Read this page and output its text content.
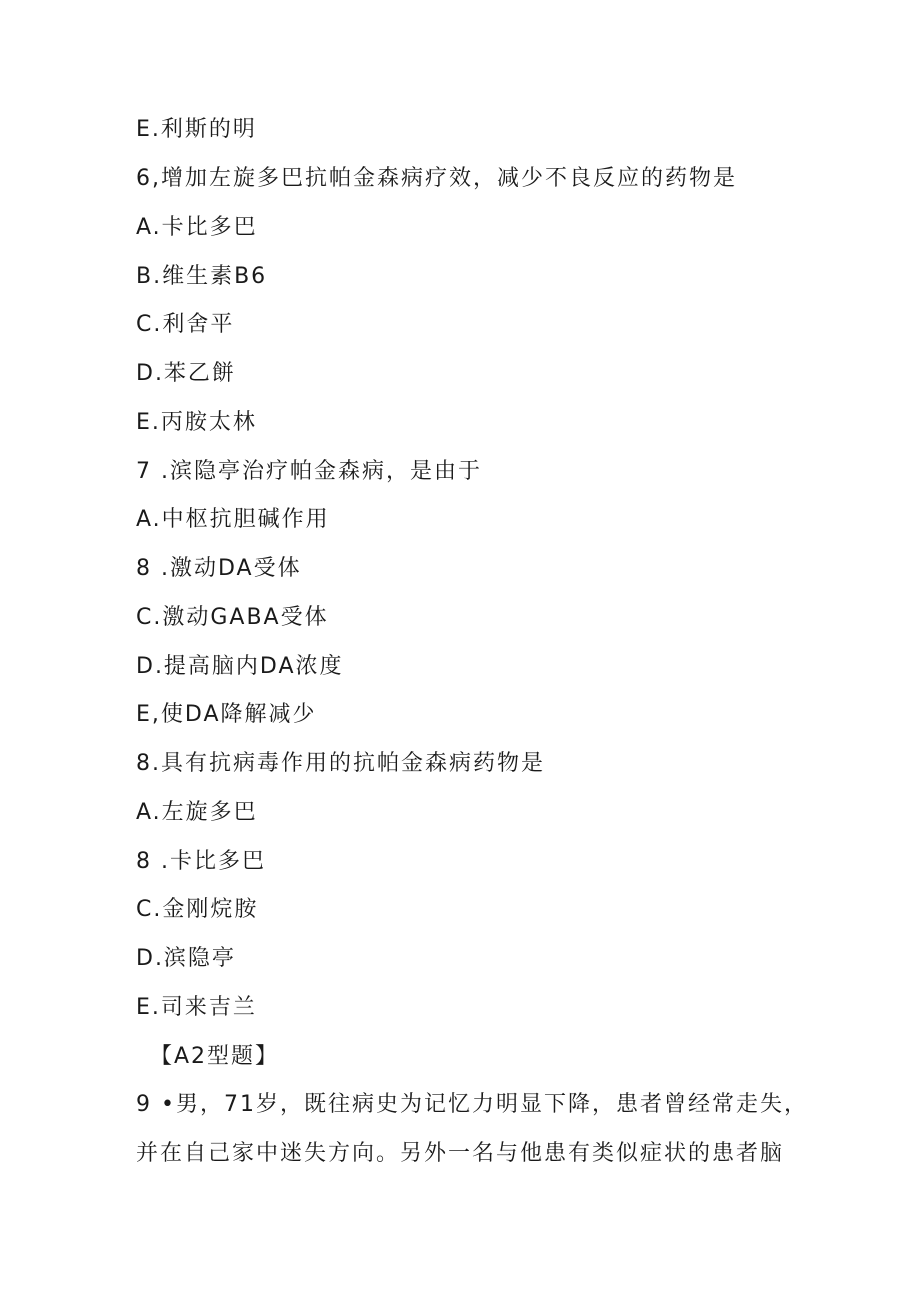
E.利斯的明
6,增加左旋多巴抗帕金森病疗效，减少不良反应的药物是
A.卡比多巴
B.维生素B6
C.利舍平
D.苯乙餅
E.丙胺太林
7 .滨隐亭治疗帕金森病，是由于
A.中枢抗胆碱作用
8 .激动DA受体
C.激动GABA受体
D.提高脑内DA浓度
E,使DA降解减少
8.具有抗病毒作用的抗帕金森病药物是
A.左旋多巴
8 .卡比多巴
C.金刚烷胺
D.滨隐亭
E.司来吉兰
【A2型题】
9 •男，71岁，既往病史为记忆力明显下降，患者曾经常走失，
并在自己家中迷失方向。另外一名与他患有类似症状的患者脑
